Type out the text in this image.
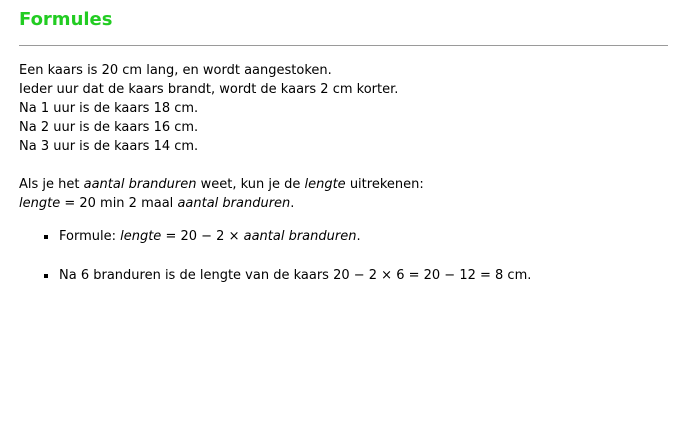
Formules
Een kaars is 20 cm lang, en wordt aangestoken.
Ieder uur dat de kaars brandt, wordt de kaars 2 cm korter.
Na 1 uur is de kaars 18 cm.
Na 2 uur is de kaars 16 cm.
Na 3 uur is de kaars 14 cm.
Als je het aantal branduren weet, kun je de lengte uitrekenen:
lengte = 20 min 2 maal aantal branduren.
Formule: lengte = 20 − 2 × aantal branduren.
Na 6 branduren is de lengte van de kaars 20 − 2 × 6 = 20 − 12 = 8 cm.
